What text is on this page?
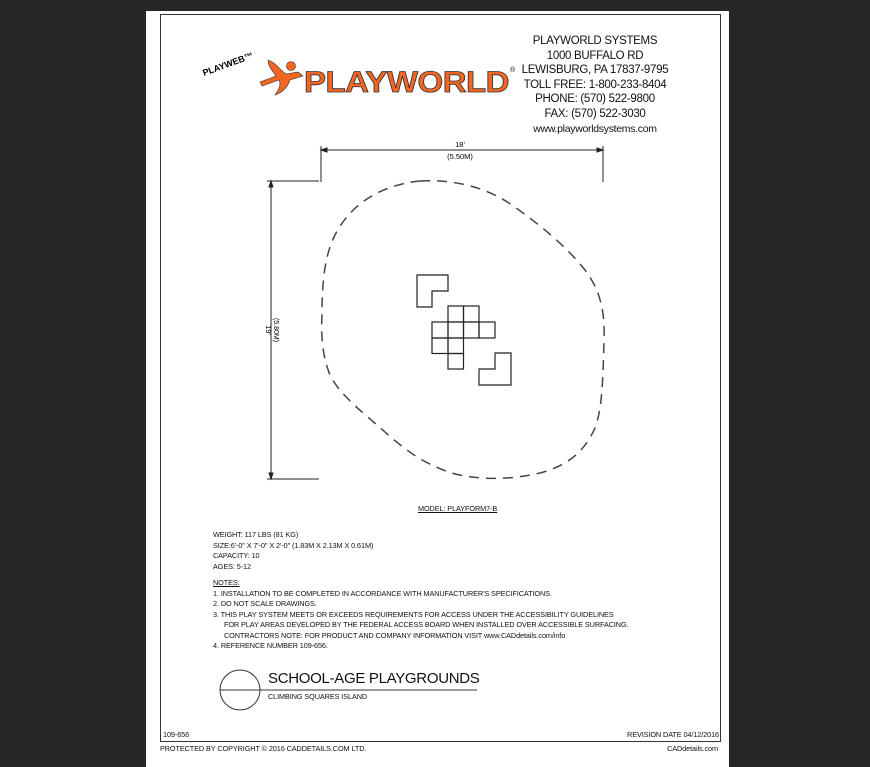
PLAYWORLD ®
PLAYWEB™
18'
(5.50M)
19' (5.80M)
PLAYWORLD SYSTEMS
1000 BUFFALO RD
LEWISBURG, PA 17837-9795
TOLL FREE: 1-800-233-8404
PHONE: (570) 522-9800
FAX: (570) 522-3030
www.playworldsystems.com
MODEL: PLAYFORM7-B
WEIGHT: 117 LBS (81 KG)
SIZE:6'-0" X 7'-0" X 2'-0" (1.83M X 2.13M X 0.61M)
CAPACITY: 10
AGES: 5-12
NOTES:
1. INSTALLATION TO BE COMPLETED IN ACCORDANCE WITH MANUFACTURER'S SPECIFICATIONS.
2. DO NOT SCALE DRAWINGS.
3. THIS PLAY SYSTEM MEETS OR EXCEEDS REQUIREMENTS FOR ACCESS UNDER THE ACCESSIBILITY GUIDELINES
FOR PLAY AREAS DEVELOPED BY THE FEDERAL ACCESS BOARD WHEN INSTALLED OVER ACCESSIBLE SURFACING.
CONTRACTORS NOTE: FOR PRODUCT AND COMPANY INFORMATION VISIT www.CADdetails.com/info
4. REFERENCE NUMBER 109-656.
SCHOOL-AGE PLAYGROUNDS
CLIMBING SQUARES ISLAND
109-656	REVISION DATE 04/12/2016
PROTECTED BY COPYRIGHT © 2016 CADDETAILS.COM LTD.	CADdetails.com
